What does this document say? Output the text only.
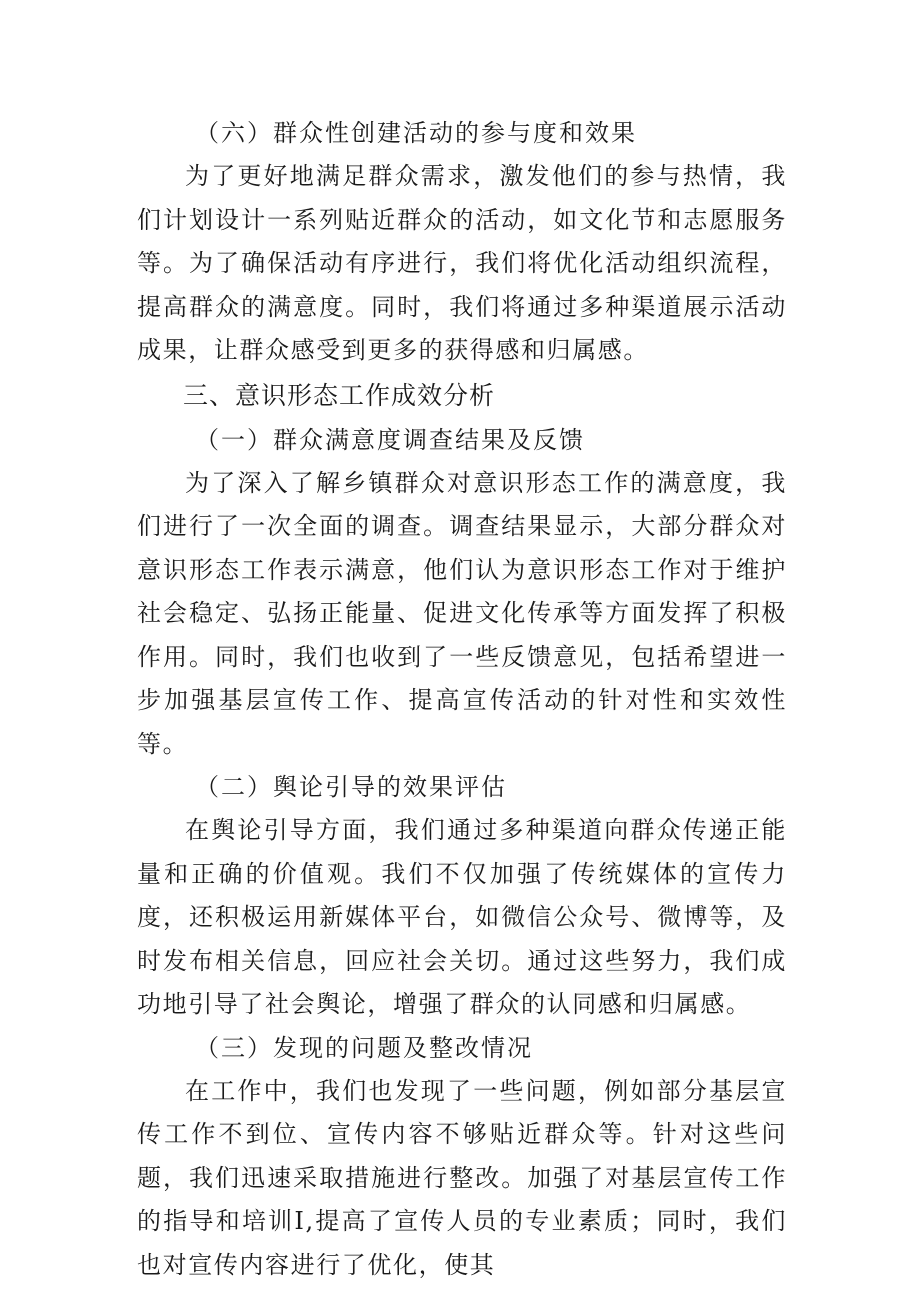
（六）群众性创建活动的参与度和效果

为了更好地满足群众需求，激发他们的参与热情，我们计划设计一系列贴近群众的活动，如文化节和志愿服务等。为了确保活动有序进行，我们将优化活动组织流程，提高群众的满意度。同时，我们将通过多种渠道展示活动成果，让群众感受到更多的获得感和归属感。

三、意识形态工作成效分析

（一）群众满意度调查结果及反馈

为了深入了解乡镇群众对意识形态工作的满意度，我们进行了一次全面的调查。调查结果显示，大部分群众对意识形态工作表示满意，他们认为意识形态工作对于维护社会稳定、弘扬正能量、促进文化传承等方面发挥了积极作用。同时，我们也收到了一些反馈意见，包括希望进一步加强基层宣传工作、提高宣传活动的针对性和实效性等。

（二）舆论引导的效果评估

在舆论引导方面，我们通过多种渠道向群众传递正能量和正确的价值观。我们不仅加强了传统媒体的宣传力度，还积极运用新媒体平台，如微信公众号、微博等，及时发布相关信息，回应社会关切。通过这些努力，我们成功地引导了社会舆论，增强了群众的认同感和归属感。

（三）发现的问题及整改情况

在工作中，我们也发现了一些问题，例如部分基层宣传工作不到位、宣传内容不够贴近群众等。针对这些问题，我们迅速采取措施进行整改。加强了对基层宣传工作的指导和培训I,提高了宣传人员的专业素质；同时，我们也对宣传内容进行了优化，使其
